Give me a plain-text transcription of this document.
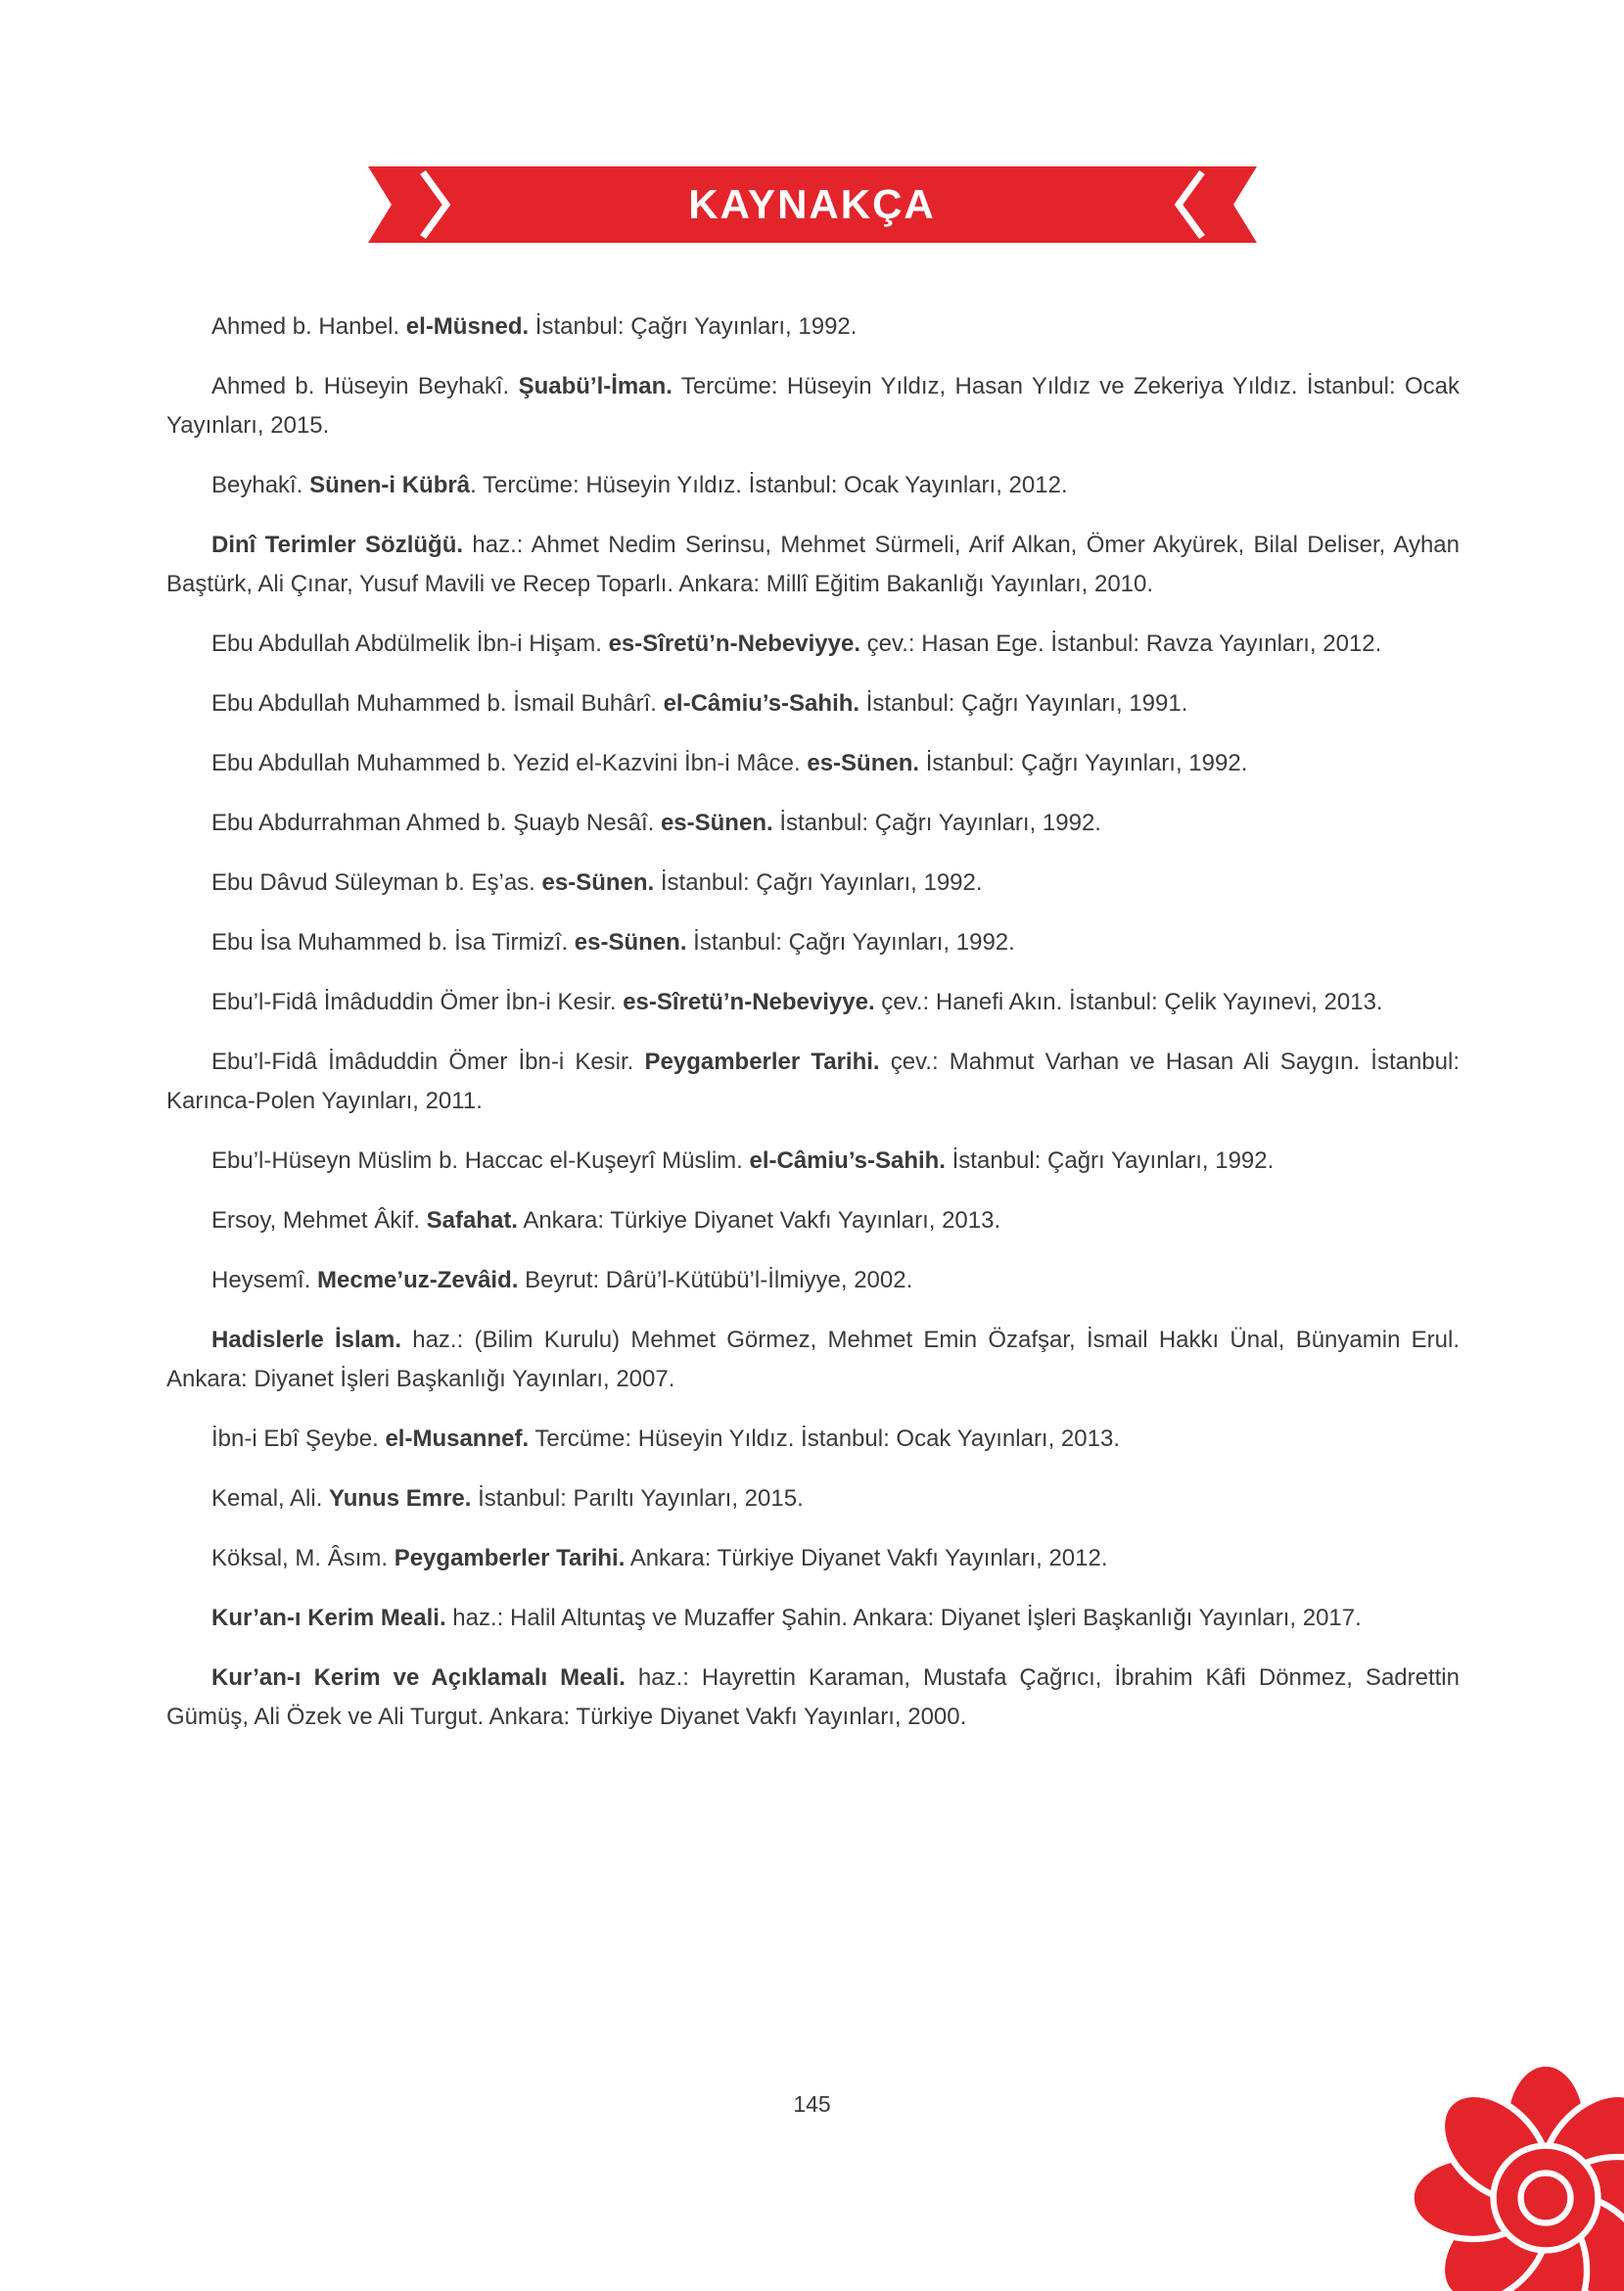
KAYNAKÇA

Ahmed b. Hanbel. el-Müsned. İstanbul: Çağrı Yayınları, 1992.

Ahmed b. Hüseyin Beyhakî. Şuabü’l-İman. Tercüme: Hüseyin Yıldız, Hasan Yıldız ve Zekeriya Yıldız. İstanbul: Ocak Yayınları, 2015.

Beyhakî. Sünen-i Kübrâ. Tercüme: Hüseyin Yıldız. İstanbul: Ocak Yayınları, 2012.

Dinî Terimler Sözlüğü. haz.: Ahmet Nedim Serinsu, Mehmet Sürmeli, Arif Alkan, Ömer Akyürek, Bilal Deliser, Ayhan Baştürk, Ali Çınar, Yusuf Mavili ve Recep Toparlı. Ankara: Millî Eğitim Bakanlığı Yayınları, 2010.

Ebu Abdullah Abdülmelik İbn-i Hişam. es-Sîretü’n-Nebeviyye. çev.: Hasan Ege. İstanbul: Ravza Yayınları, 2012.

Ebu Abdullah Muhammed b. İsmail Buhârî. el-Câmiu’s-Sahih. İstanbul: Çağrı Yayınları, 1991.

Ebu Abdullah Muhammed b. Yezid el-Kazvini İbn-i Mâce. es-Sünen. İstanbul: Çağrı Yayınları, 1992.

Ebu Abdurrahman Ahmed b. Şuayb Nesâî. es-Sünen. İstanbul: Çağrı Yayınları, 1992.

Ebu Dâvud Süleyman b. Eş’as. es-Sünen. İstanbul: Çağrı Yayınları, 1992.

Ebu İsa Muhammed b. İsa Tirmizî. es-Sünen. İstanbul: Çağrı Yayınları, 1992.

Ebu’l-Fidâ İmâduddin Ömer İbn-i Kesir. es-Sîretü’n-Nebeviyye. çev.: Hanefi Akın. İstanbul: Çelik Yayınevi, 2013.

Ebu’l-Fidâ İmâduddin Ömer İbn-i Kesir. Peygamberler Tarihi. çev.: Mahmut Varhan ve Hasan Ali Saygın. İstanbul: Karınca-Polen Yayınları, 2011.

Ebu’l-Hüseyn Müslim b. Haccac el-Kuşeyrî Müslim. el-Câmiu’s-Sahih. İstanbul: Çağrı Yayınları, 1992.

Ersoy, Mehmet Âkif. Safahat. Ankara: Türkiye Diyanet Vakfı Yayınları, 2013.

Heysemî. Mecme’uz-Zevâid. Beyrut: Dârü’l-Kütübü’l-İlmiyye, 2002.

Hadislerle İslam. haz.: (Bilim Kurulu) Mehmet Görmez, Mehmet Emin Özafşar, İsmail Hakkı Ünal, Bünyamin Erul. Ankara: Diyanet İşleri Başkanlığı Yayınları, 2007.

İbn-i Ebî Şeybe. el-Musannef. Tercüme: Hüseyin Yıldız. İstanbul: Ocak Yayınları, 2013.

Kemal, Ali. Yunus Emre. İstanbul: Parıltı Yayınları, 2015.

Köksal, M. Âsım. Peygamberler Tarihi. Ankara: Türkiye Diyanet Vakfı Yayınları, 2012.

Kur’an-ı Kerim Meali. haz.: Halil Altuntaş ve Muzaffer Şahin. Ankara: Diyanet İşleri Başkanlığı Yayınları, 2017.

Kur’an-ı Kerim ve Açıklamalı Meali. haz.: Hayrettin Karaman, Mustafa Çağrıcı, İbrahim Kâfi Dönmez, Sadrettin Gümüş, Ali Özek ve Ali Turgut. Ankara: Türkiye Diyanet Vakfı Yayınları, 2000.

145
